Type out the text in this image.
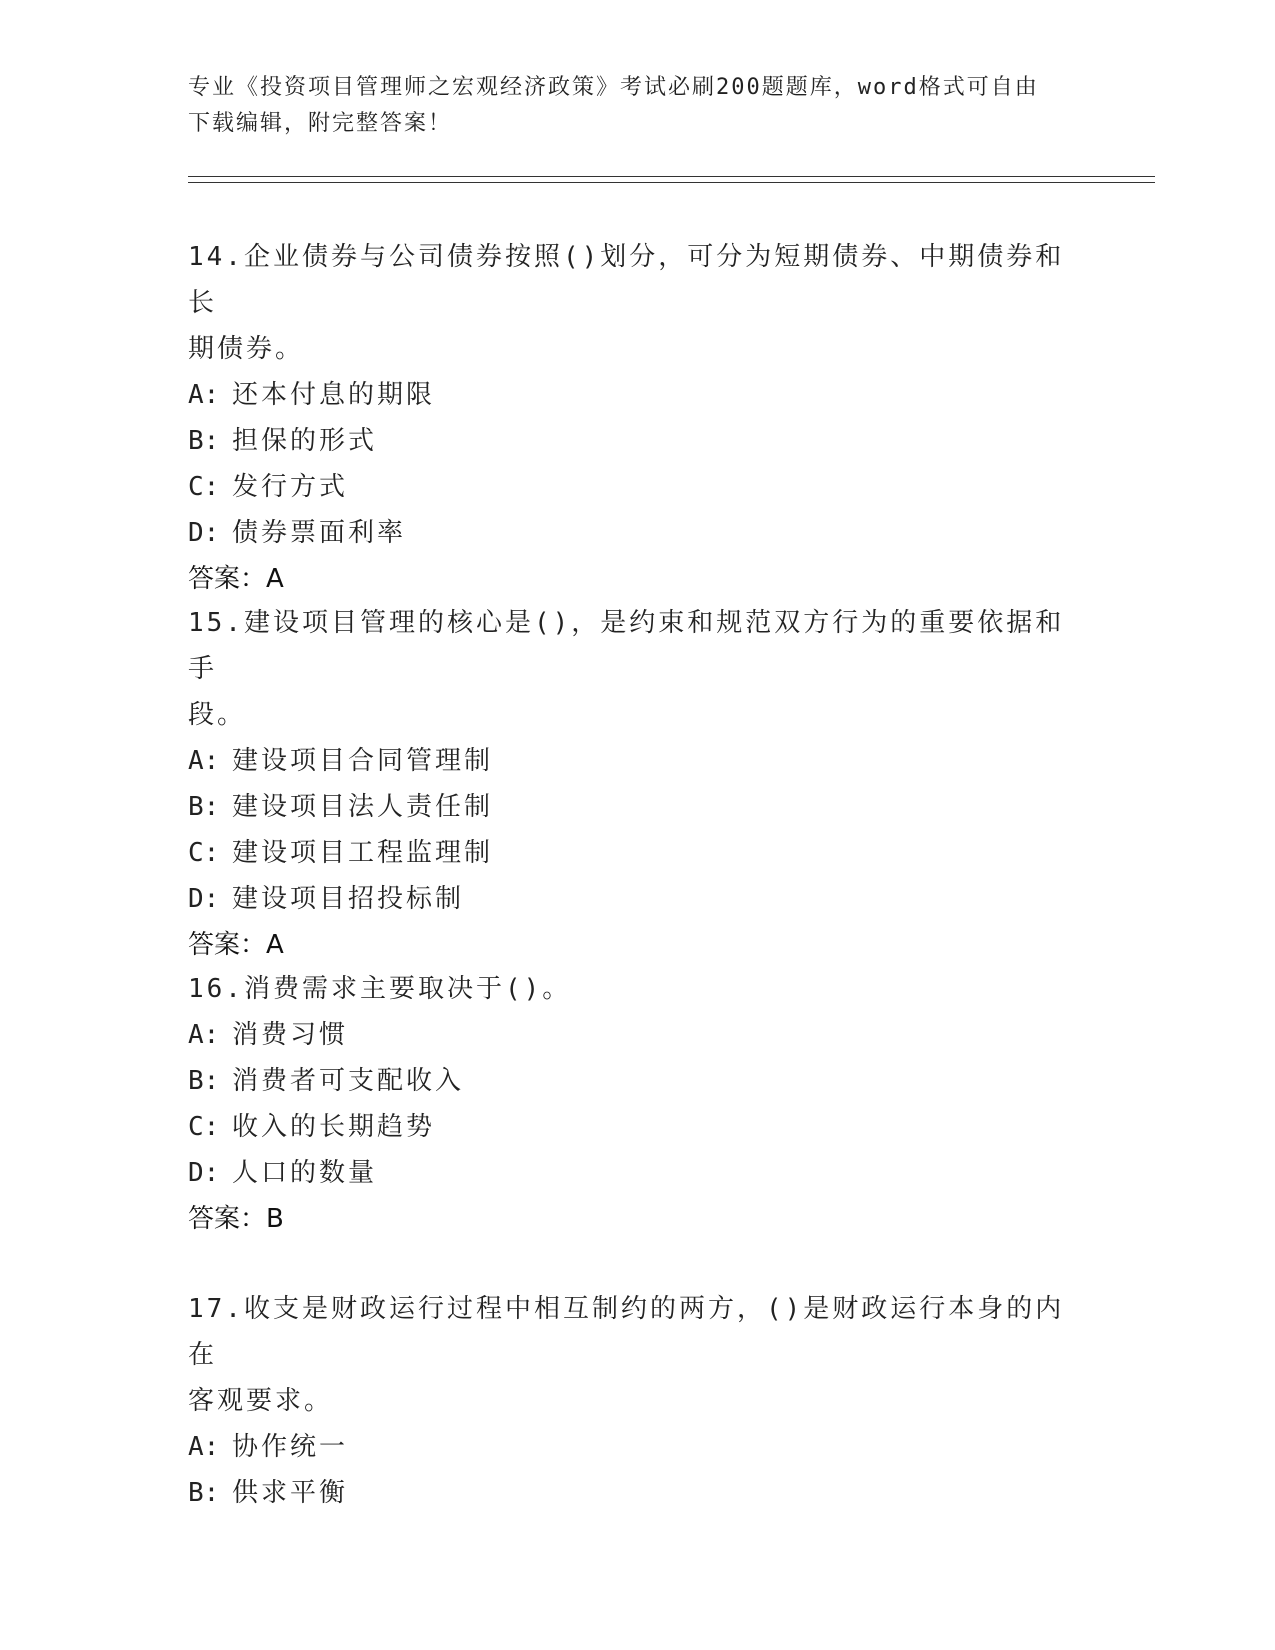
专业《投资项目管理师之宏观经济政策》考试必刷200题题库，word格式可自由
下载编辑，附完整答案！

14.企业债券与公司债券按照()划分，可分为短期债券、中期债券和长

期债券。

A: 还本付息的期限

B: 担保的形式

C: 发行方式

D: 债券票面利率

答案：A

15.建设项目管理的核心是()，是约束和规范双方行为的重要依据和手

段。

A: 建设项目合同管理制

B: 建设项目法人责任制

C: 建设项目工程监理制

D: 建设项目招投标制

答案：A

16.消费需求主要取决于()。

A: 消费习惯

B: 消费者可支配收入

C: 收入的长期趋势

D: 人口的数量

答案：B

17.收支是财政运行过程中相互制约的两方，()是财政运行本身的内在

客观要求。

A: 协作统一

B: 供求平衡
